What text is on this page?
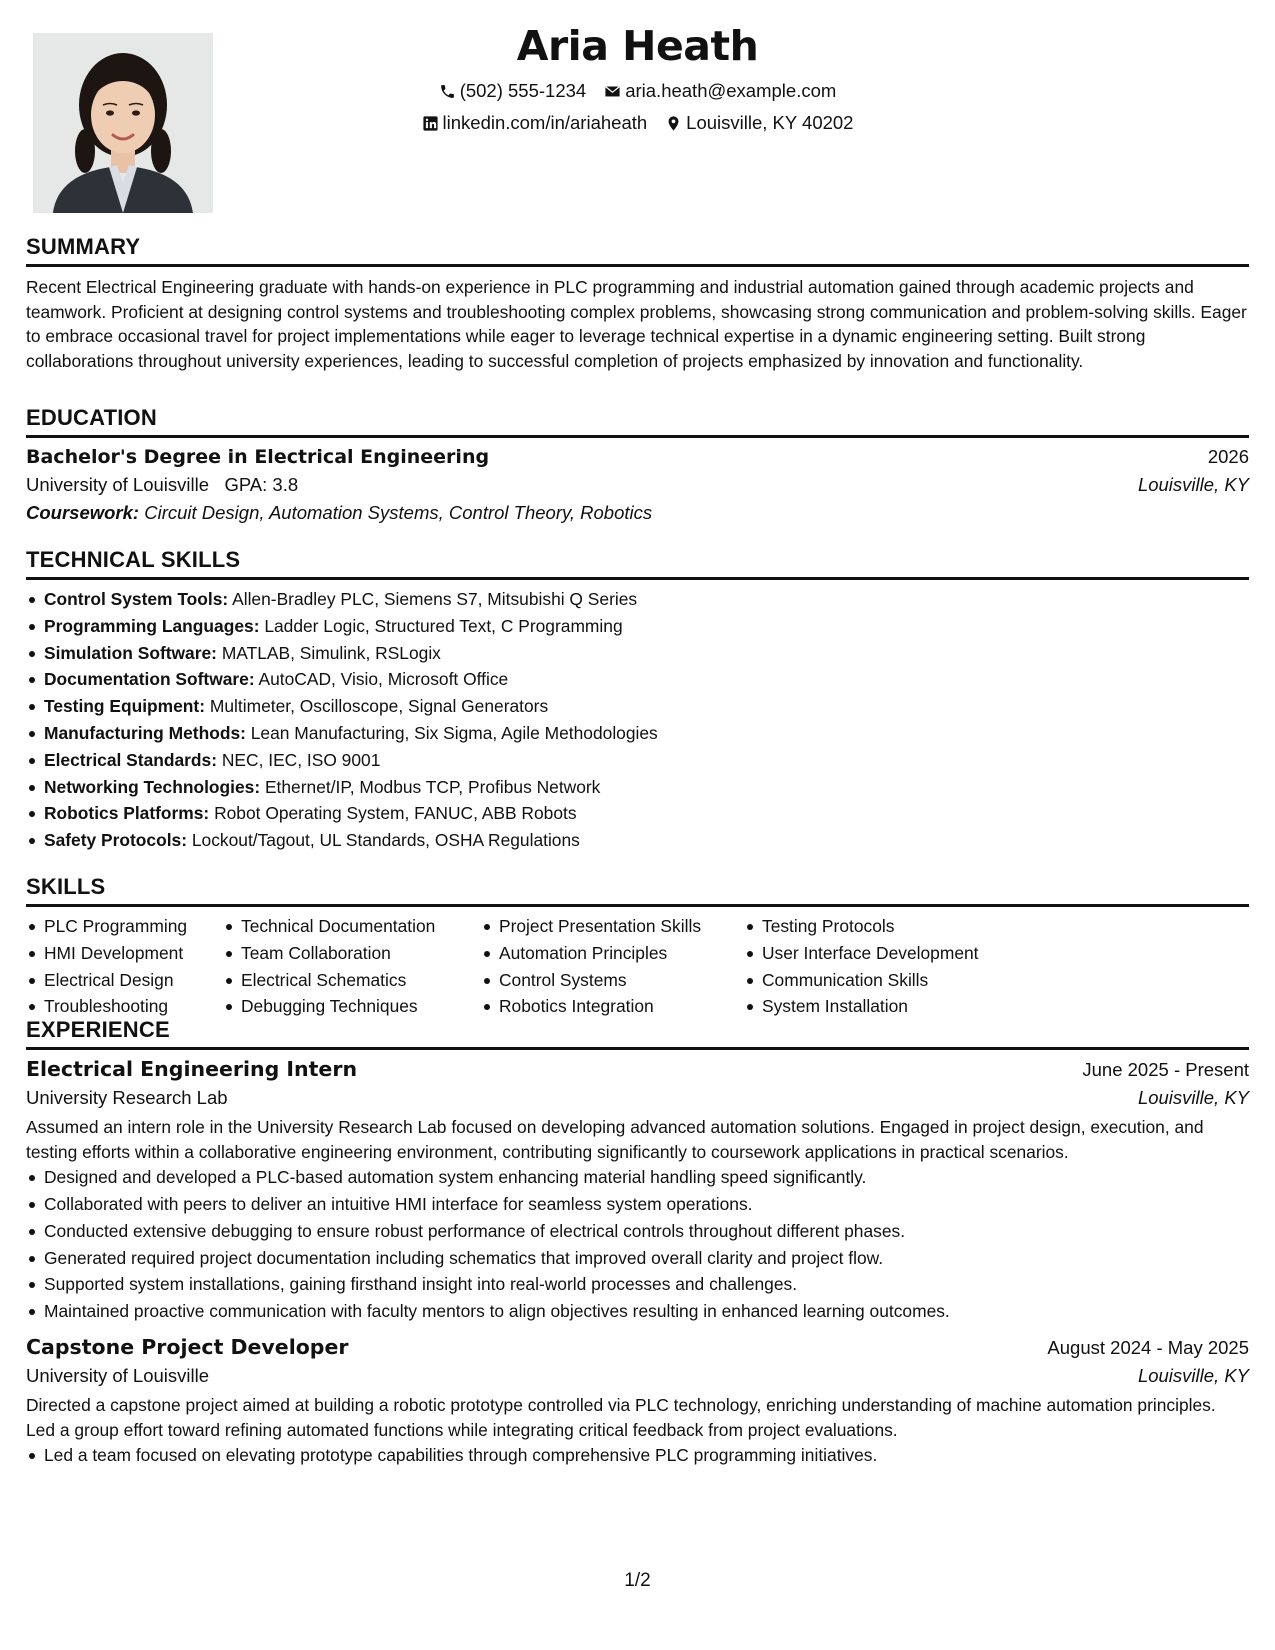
Aria Heath
(502) 555-1234 aria.heath@example.com
linkedin.com/in/ariaheath Louisville, KY 40202
SUMMARY
Recent Electrical Engineering graduate with hands-on experience in PLC programming and industrial automation gained through academic projects and teamwork. Proficient at designing control systems and troubleshooting complex problems, showcasing strong communication and problem-solving skills. Eager to embrace occasional travel for project implementations while eager to leverage technical expertise in a dynamic engineering setting. Built strong collaborations throughout university experiences, leading to successful completion of projects emphasized by innovation and functionality.
EDUCATION
Bachelor's Degree in Electrical Engineering	2026
University of Louisville GPA: 3.8	Louisville, KY
Coursework: Circuit Design, Automation Systems, Control Theory, Robotics
TECHNICAL SKILLS
Control System Tools: Allen-Bradley PLC, Siemens S7, Mitsubishi Q Series
Programming Languages: Ladder Logic, Structured Text, C Programming
Simulation Software: MATLAB, Simulink, RSLogix
Documentation Software: AutoCAD, Visio, Microsoft Office
Testing Equipment: Multimeter, Oscilloscope, Signal Generators
Manufacturing Methods: Lean Manufacturing, Six Sigma, Agile Methodologies
Electrical Standards: NEC, IEC, ISO 9001
Networking Technologies: Ethernet/IP, Modbus TCP, Profibus Network
Robotics Platforms: Robot Operating System, FANUC, ABB Robots
Safety Protocols: Lockout/Tagout, UL Standards, OSHA Regulations
SKILLS
PLC Programming
HMI Development
Electrical Design
Troubleshooting
Technical Documentation
Team Collaboration
Electrical Schematics
Debugging Techniques
Project Presentation Skills
Automation Principles
Control Systems
Robotics Integration
Testing Protocols
User Interface Development
Communication Skills
System Installation
EXPERIENCE
Electrical Engineering Intern	June 2025 - Present
University Research Lab	Louisville, KY
Assumed an intern role in the University Research Lab focused on developing advanced automation solutions. Engaged in project design, execution, and testing efforts within a collaborative engineering environment, contributing significantly to coursework applications in practical scenarios.
Designed and developed a PLC-based automation system enhancing material handling speed significantly.
Collaborated with peers to deliver an intuitive HMI interface for seamless system operations.
Conducted extensive debugging to ensure robust performance of electrical controls throughout different phases.
Generated required project documentation including schematics that improved overall clarity and project flow.
Supported system installations, gaining firsthand insight into real-world processes and challenges.
Maintained proactive communication with faculty mentors to align objectives resulting in enhanced learning outcomes.
Capstone Project Developer	August 2024 - May 2025
University of Louisville	Louisville, KY
Directed a capstone project aimed at building a robotic prototype controlled via PLC technology, enriching understanding of machine automation principles. Led a group effort toward refining automated functions while integrating critical feedback from project evaluations.
Led a team focused on elevating prototype capabilities through comprehensive PLC programming initiatives.
1/2
